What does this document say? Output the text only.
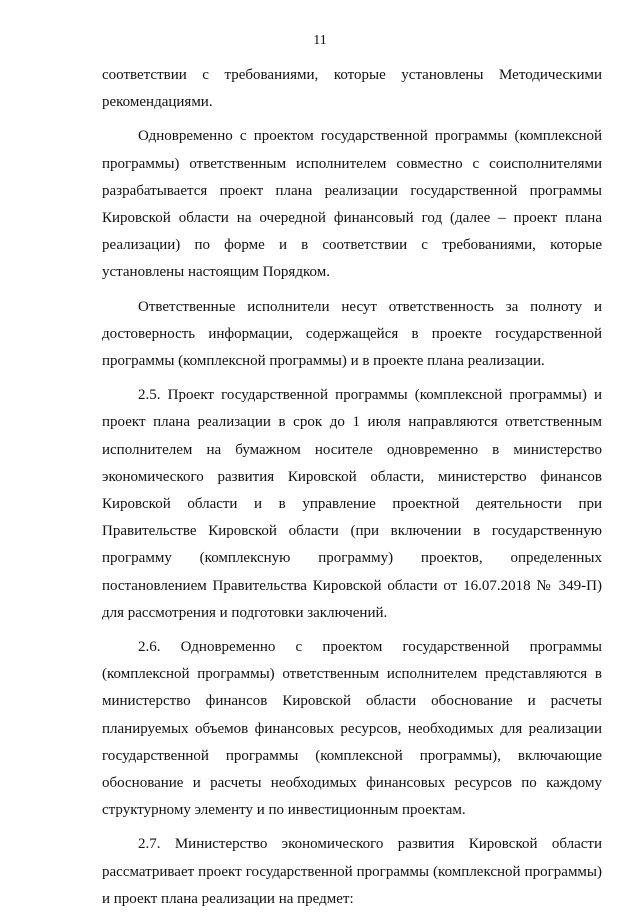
11

соответствии с требованиями, которые установлены Методическими рекомендациями.

Одновременно с проектом государственной программы (комплексной программы) ответственным исполнителем совместно с соисполнителями разрабатывается проект плана реализации государственной программы Кировской области на очередной финансовый год (далее – проект плана реализации) по форме и в соответствии с требованиями, которые установлены настоящим Порядком.

Ответственные исполнители несут ответственность за полноту и достоверность информации, содержащейся в проекте государственной программы (комплексной программы) и в проекте плана реализации.

2.5. Проект государственной программы (комплексной программы) и проект плана реализации в срок до 1 июля направляются ответственным исполнителем на бумажном носителе одновременно в министерство экономического развития Кировской области, министерство финансов Кировской области и в управление проектной деятельности при Правительстве Кировской области (при включении в государственную программу (комплексную программу) проектов, определенных постановлением Правительства Кировской области от 16.07.2018 № 349-П) для рассмотрения и подготовки заключений.

2.6. Одновременно с проектом государственной программы (комплексной программы) ответственным исполнителем представляются в министерство финансов Кировской области обоснование и расчеты планируемых объемов финансовых ресурсов, необходимых для реализации государственной программы (комплексной программы), включающие обоснование и расчеты необходимых финансовых ресурсов по каждому структурному элементу и по инвестиционным проектам.

2.7. Министерство экономического развития Кировской области рассматривает проект государственной программы (комплексной программы) и проект плана реализации на предмет:
